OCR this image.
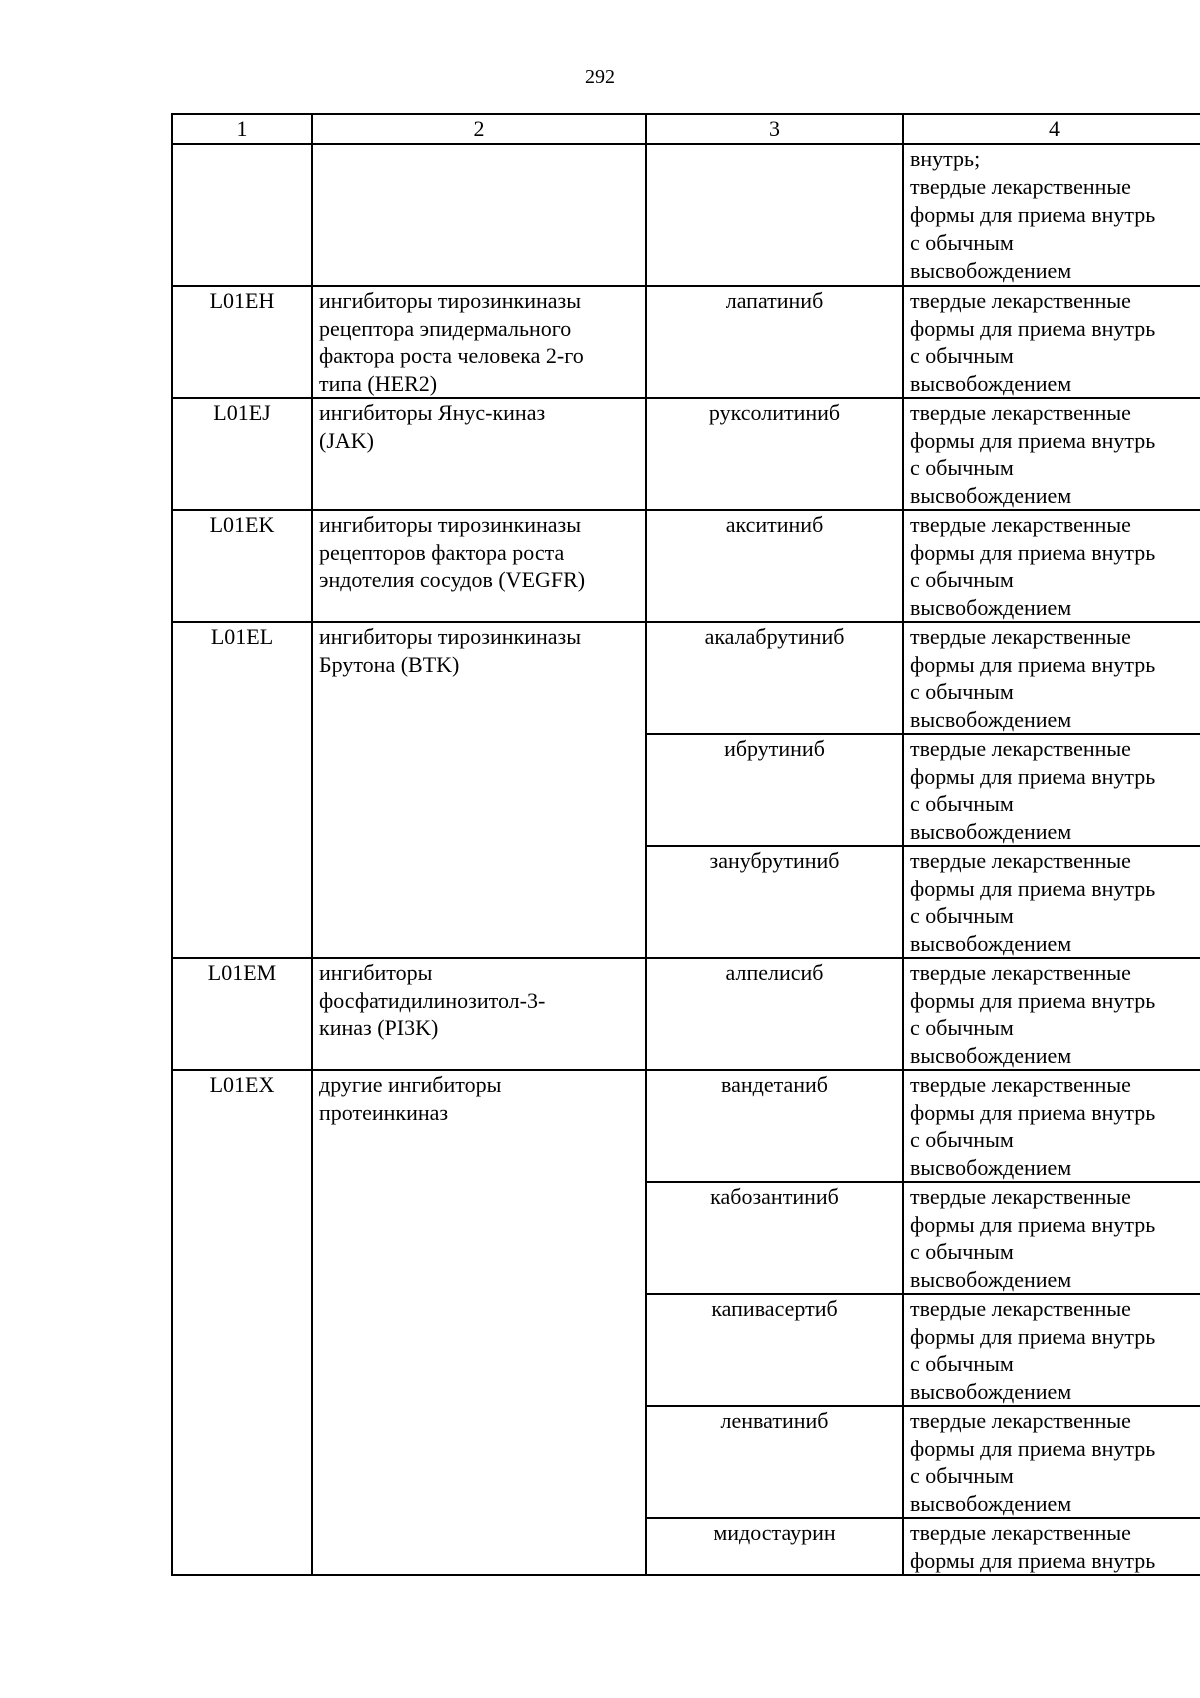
292
1	2	3	4

			внутрь;
твердые лекарственные
формы для приема внутрь
с обычным
высвобождением

L01EH	ингибиторы тирозинкиназы
рецептора эпидермального
фактора роста человека 2-го
типа (HER2)	лапатиниб	твердые лекарственные
формы для приема внутрь
с обычным
высвобождением

L01EJ	ингибиторы Янус-киназ
(JAK)	руксолитиниб	твердые лекарственные
формы для приема внутрь
с обычным
высвобождением

L01EK	ингибиторы тирозинкиназы
рецепторов фактора роста
эндотелия сосудов (VEGFR)	акситиниб	твердые лекарственные
формы для приема внутрь
с обычным
высвобождением

L01EL	ингибиторы тирозинкиназы
Брутона (BTK)	акалабрутиниб	твердые лекарственные
формы для приема внутрь
с обычным
высвобождением

		ибрутиниб	твердые лекарственные
формы для приема внутрь
с обычным
высвобождением

		занубрутиниб	твердые лекарственные
формы для приема внутрь
с обычным
высвобождением

L01EM	ингибиторы
фосфатидилинозитол-3-
киназ (PI3K)	алпелисиб	твердые лекарственные
формы для приема внутрь
с обычным
высвобождением

L01EX	другие ингибиторы
протеинкиназ	вандетаниб	твердые лекарственные
формы для приема внутрь
с обычным
высвобождением

		кабозантиниб	твердые лекарственные
формы для приема внутрь
с обычным
высвобождением

		капивасертиб	твердые лекарственные
формы для приема внутрь
с обычным
высвобождением

		ленватиниб	твердые лекарственные
формы для приема внутрь
с обычным
высвобождением

		мидостаурин	твердые лекарственные
формы для приема внутрь
